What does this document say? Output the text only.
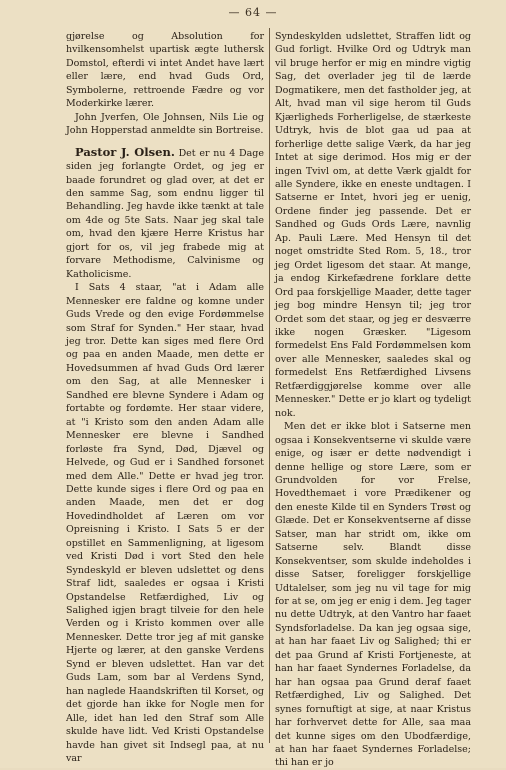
— 64 —

gjørelse og Absolution for hvilkensomhelst upartisk ægte luthersk Domstol, efterdi vi intet Andet have lært eller lære, end hvad Guds Ord, Symbolerne, rettroende Fædre og vor Moderkirke lærer.

John Jverfen, Ole Johnsen, Nils Lie og John Hopperstad anmeldte sin Bortreise.

Pastor J. Olsen. Det er nu 4 Dage siden jeg forlangte Ordet, og jeg er baade forundret og glad over, at det er den samme Sag, som endnu ligger til Behandling. Jeg havde ikke tænkt at tale om 4de og 5te Sats. Naar jeg skal tale om, hvad den kjære Herre Kristus har gjort for os, vil jeg frabede mig at forvare Methodisme, Calvinisme og Katholicisme.

I Sats 4 staar, "at i Adam alle Mennesker ere faldne og komne under Guds Vrede og den evige Fordømmelse som Straf for Synden." Her staar, hvad jeg tror. Dette kan siges med flere Ord og paa en anden Maade, men dette er Hovedsummen af hvad Guds Ord lærer om den Sag, at alle Mennesker i Sandhed ere blevne Syndere i Adam og fortabte og fordømte. Her staar videre, at "i Kristo som den anden Adam alle Mennesker ere blevne i Sandhed forløste fra Synd, Død, Djævel og Helvede, og Gud er i Sandhed forsonet med dem Alle." Dette er hvad jeg tror. Dette kunde siges i flere Ord og paa en anden Maade, men det er dog Hovedindholdet af Læren om vor Opreisning i Kristo. I Sats 5 er der opstillet en Sammenligning, at ligesom ved Kristi Død i vort Sted den hele Syndeskyld er bleven udslettet og dens Straf lidt, saaledes er ogsaa i Kristi Opstandelse Retfærdighed, Liv og Salighed igjen bragt tilveie for den hele Verden og i Kristo kommen over alle Mennesker. Dette tror jeg af mit ganske Hjerte og lærer, at den ganske Verdens Synd er bleven udslettet. Han var det Guds Lam, som bar al Verdens Synd, han naglede Haandskriften til Korset, og det gjorde han ikke for Nogle men for Alle, idet han led den Straf som Alle skulde have lidt. Ved Kristi Opstandelse havde han givet sit Indsegl paa, at nu var

Syndeskylden udslettet, Straffen lidt og Gud forligt. Hvilke Ord og Udtryk man vil bruge herfor er mig en mindre vigtig Sag, det overlader jeg til de lærde Dogmatikere, men det fastholder jeg, at Alt, hvad man vil sige herom til Guds Kjærligheds Forherligelse, de stærkeste Udtryk, hvis de blot gaa ud paa at forherlige dette salige Værk, da har jeg Intet at sige derimod. Hos mig er der ingen Tvivl om, at dette Værk gjaldt for alle Syndere, ikke en eneste undtagen. I Satserne er Intet, hvori jeg er uenig, Ordene finder jeg passende. Det er Sandhed og Guds Ords Lære, navnlig Ap. Pauli Lære. Med Hensyn til det noget omstridte Sted Rom. 5, 18., tror jeg Ordet ligesom det staar. At mange, ja endog Kirkefædrene forklare dette Ord paa forskjellige Maader, dette tager jeg bog mindre Hensyn til; jeg tror Ordet som det staar, og jeg er desværre ikke nogen Græsker. "Ligesom formedelst Ens Fald Fordømmelsen kom over alle Mennesker, saaledes skal og formedelst Ens Retfærdighed Livsens Retfærdiggjørelse komme over alle Mennesker." Dette er jo klart og tydeligt nok.

Men det er ikke blot i Satserne men ogsaa i Konsekventserne vi skulde være enige, og især er dette nødvendigt i denne hellige og store Lære, som er Grundvolden for vor Frelse, Hovedthemaet i vore Prædikener og den eneste Kilde til en Synders Trøst og Glæde. Det er Konsekventserne af disse Satser, man har stridt om, ikke om Satserne selv. Blandt disse Konsekventser, som skulde indeholdes i disse Satser, foreligger forskjellige Udtalelser, som jeg nu vil tage for mig for at se, om jeg er enig i dem. Jeg tager nu dette Udtryk, at den Vantro har faaet Syndsforladelse. Da kan jeg ogsaa sige, at han har faaet Liv og Salighed; thi er det paa Grund af Kristi Fortjeneste, at han har faaet Syndernes Forladelse, da har han ogsaa paa Grund deraf faaet Retfærdighed, Liv og Salighed. Det synes fornuftigt at sige, at naar Kristus har forhvervet dette for Alle, saa maa det kunne siges om den Ubodfærdige, at han har faaet Syndernes Forladelse; thi han er jo
